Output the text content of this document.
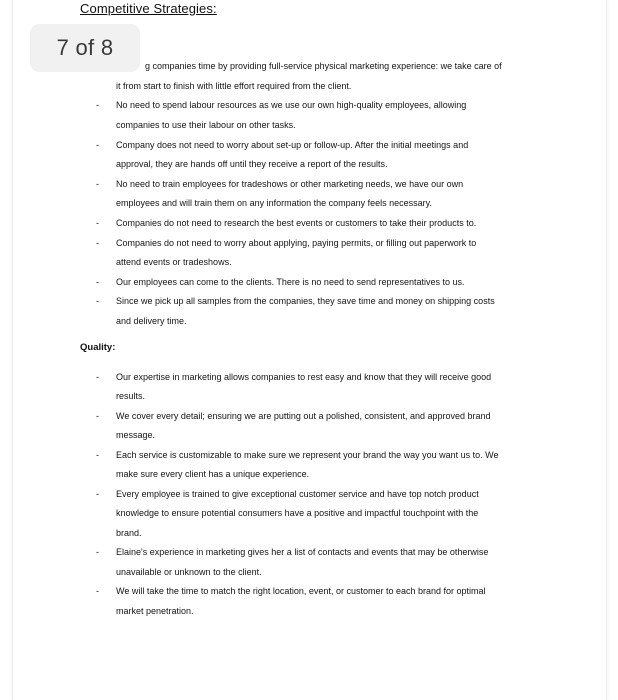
Competitive Strategies:
g companies time by providing full-service physical marketing experience: we take care of
it from start to finish with little effort required from the client.
- No need to spend labour resources as we use our own high-quality employees, allowing
companies to use their labour on other tasks.
- Company does not need to worry about set-up or follow-up. After the initial meetings and
approval, they are hands off until they receive a report of the results.
- No need to train employees for tradeshows or other marketing needs, we have our own
employees and will train them on any information the company feels necessary.
- Companies do not need to research the best events or customers to take their products to.
- Companies do not need to worry about applying, paying permits, or filling out paperwork to
attend events or tradeshows.
- Our employees can come to the clients. There is no need to send representatives to us.
- Since we pick up all samples from the companies, they save time and money on shipping costs
and delivery time.
Quality:
- Our expertise in marketing allows companies to rest easy and know that they will receive good
results.
- We cover every detail; ensuring we are putting out a polished, consistent, and approved brand
message.
- Each service is customizable to make sure we represent your brand the way you want us to. We
make sure every client has a unique experience.
- Every employee is trained to give exceptional customer service and have top notch product
knowledge to ensure potential consumers have a positive and impactful touchpoint with the
brand.
- Elaine's experience in marketing gives her a list of contacts and events that may be otherwise
unavailable or unknown to the client.
- We will take the time to match the right location, event, or customer to each brand for optimal
market penetration.
7 of 8
